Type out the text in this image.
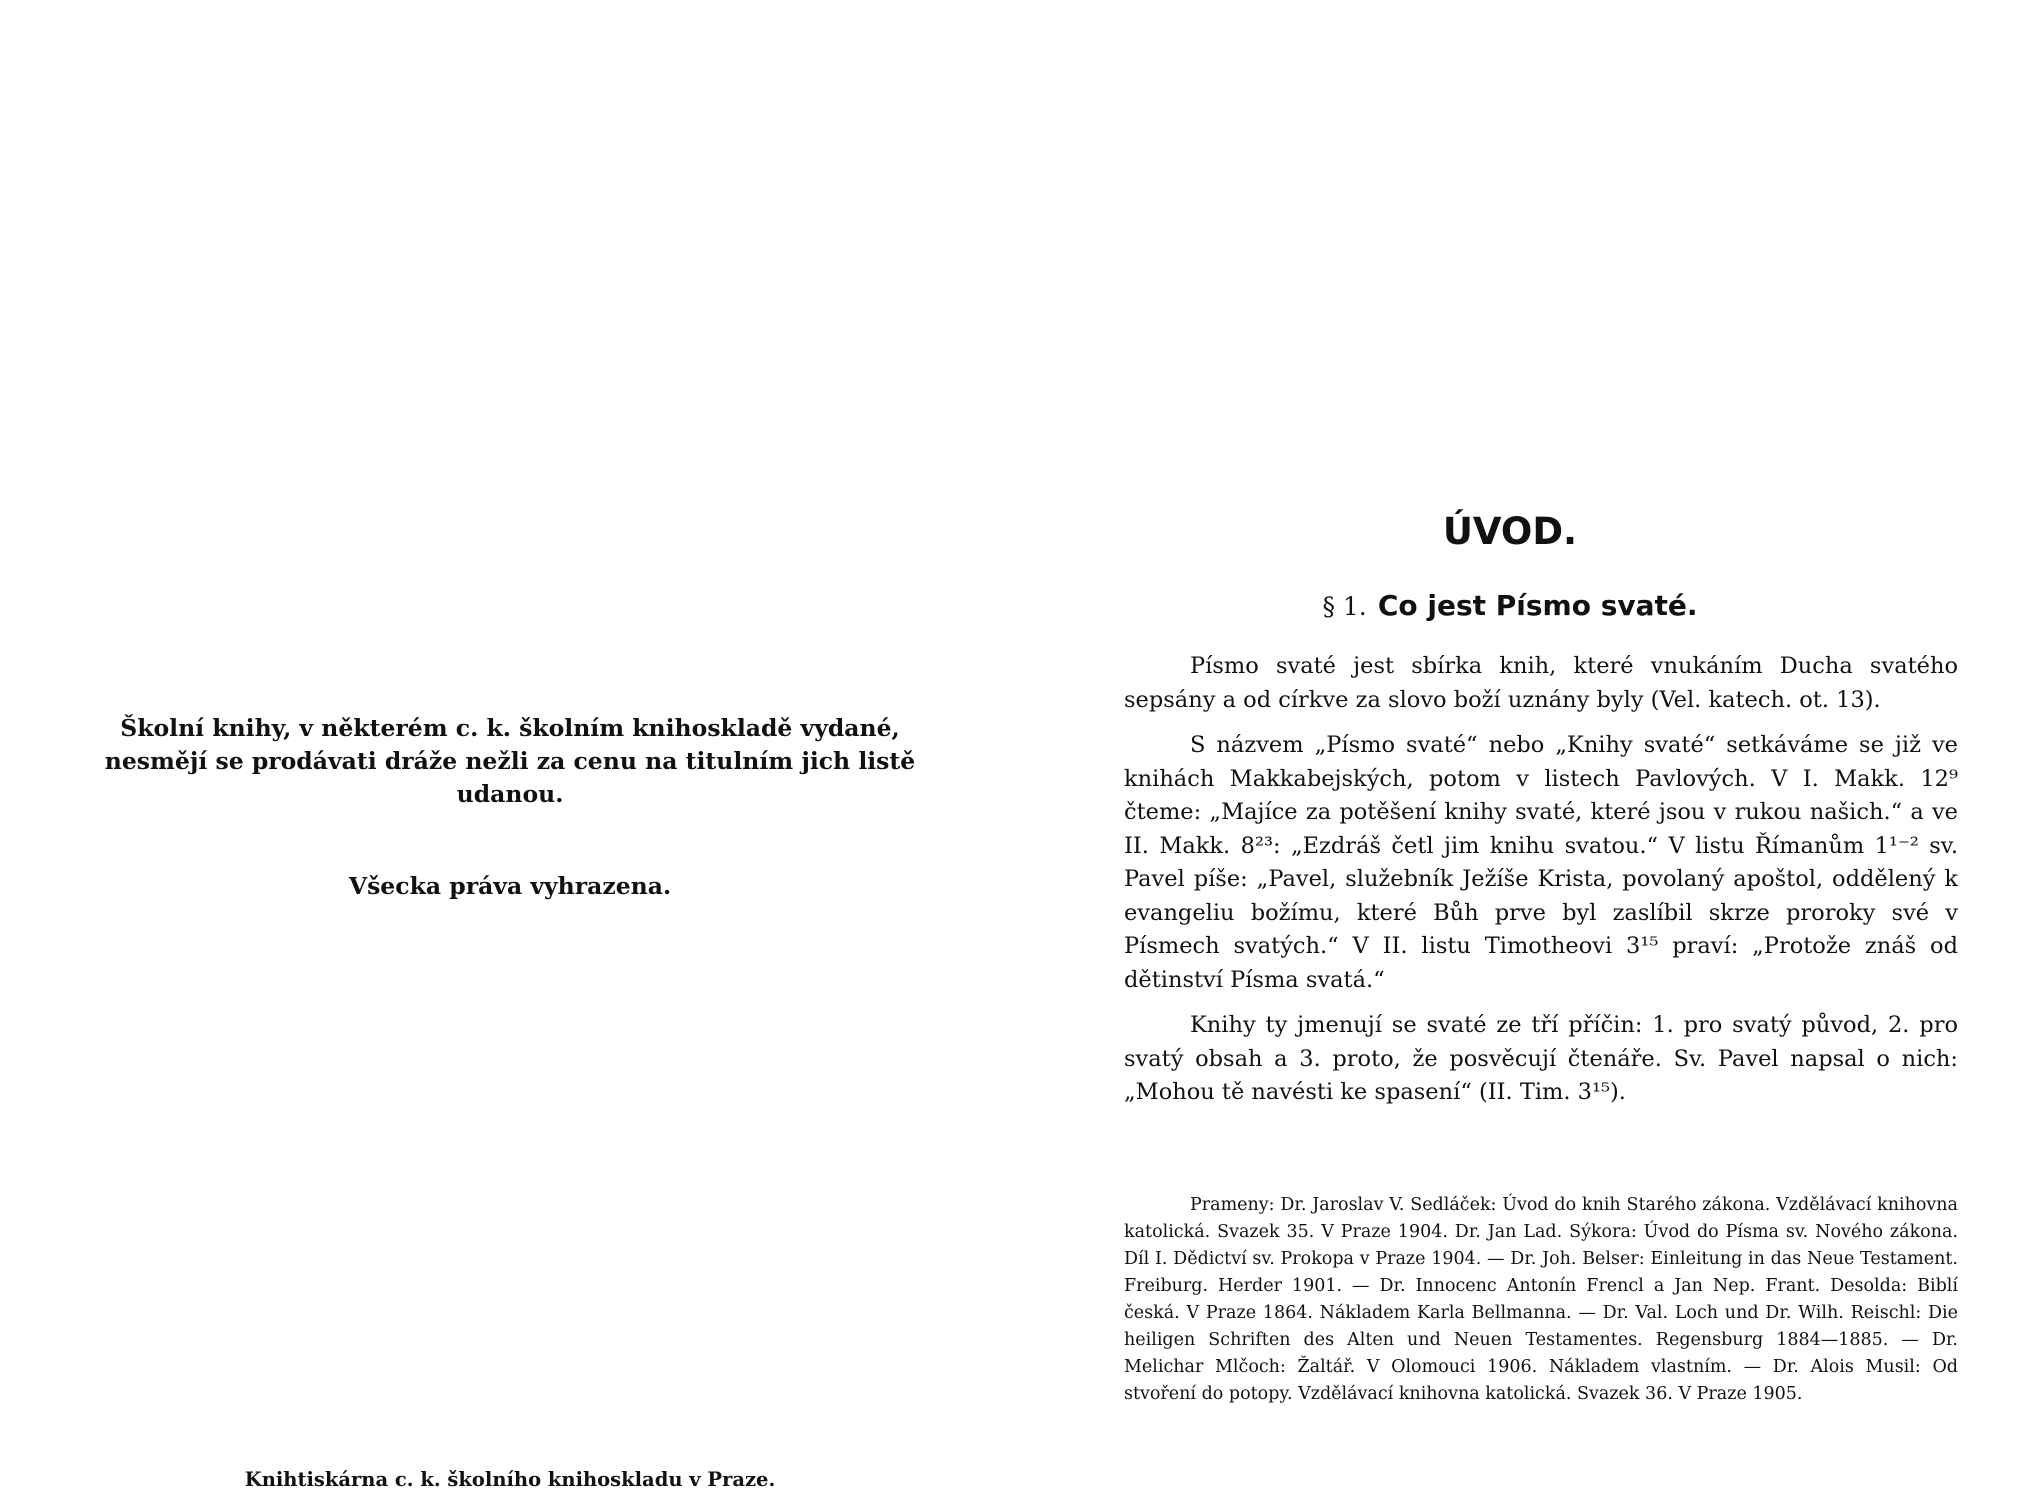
Školní knihy, v některém c. k. školním knihoskladě vydané, nesmějí se prodávati dráže nežli za cenu na titulním jich listě udanou.
Všecka práva vyhrazena.
Knihtiskárna c. k. školního knihoskladu v Praze.
ÚVOD.
§ 1. Co jest Písmo svaté.

Písmo svaté jest sbírka knih, které vnukáním Ducha svatého sepsány a od církve za slovo boží uznány byly (Vel. katech. ot. 13).

S názvem „Písmo svaté“ nebo „Knihy svaté“ setkáváme se již ve knihách Makkabejských, potom v listech Pavlových. V I. Makk. 12⁹ čteme: „Majíce za potěšení knihy svaté, které jsou v rukou našich.“ a ve II. Makk. 8²³: „Ezdráš četl jim knihu svatou.“ V listu Římanům 1¹⁻² sv. Pavel píše: „Pavel, služebník Ježíše Krista, povolaný apoštol, oddělený k evangeliu božímu, které Bůh prve byl zaslíbil skrze proroky své v Písmech svatých.“ V II. listu Timotheovi 3¹⁵ praví: „Protože znáš od dětinství Písma svatá.“

Knihy ty jmenují se svaté ze tří příčin: 1. pro svatý původ, 2. pro svatý obsah a 3. proto, že posvěcují čtenáře. Sv. Pavel napsal o nich: „Mohou tě navésti ke spasení“ (II. Tim. 3¹⁵).

Prameny: Dr. Jaroslav V. Sedláček: Úvod do knih Starého zákona. Vzdělávací knihovna katolická. Svazek 35. V Praze 1904. Dr. Jan Lad. Sýkora: Úvod do Písma sv. Nového zákona. Díl I. Dědictví sv. Prokopa v Praze 1904. — Dr. Joh. Belser: Einleitung in das Neue Testament. Freiburg. Herder 1901. — Dr. Innocenc Antonín Frencl a Jan Nep. Frant. Desolda: Biblí česká. V Praze 1864. Nákladem Karla Bellmanna. — Dr. Val. Loch und Dr. Wilh. Reischl: Die heiligen Schriften des Alten und Neuen Testamentes. Regensburg 1884—1885. — Dr. Melichar Mlčoch: Žaltář. V Olomouci 1906. Nákladem vlastním. — Dr. Alois Musil: Od stvoření do potopy. Vzdělávací knihovna katolická. Svazek 36. V Praze 1905.
